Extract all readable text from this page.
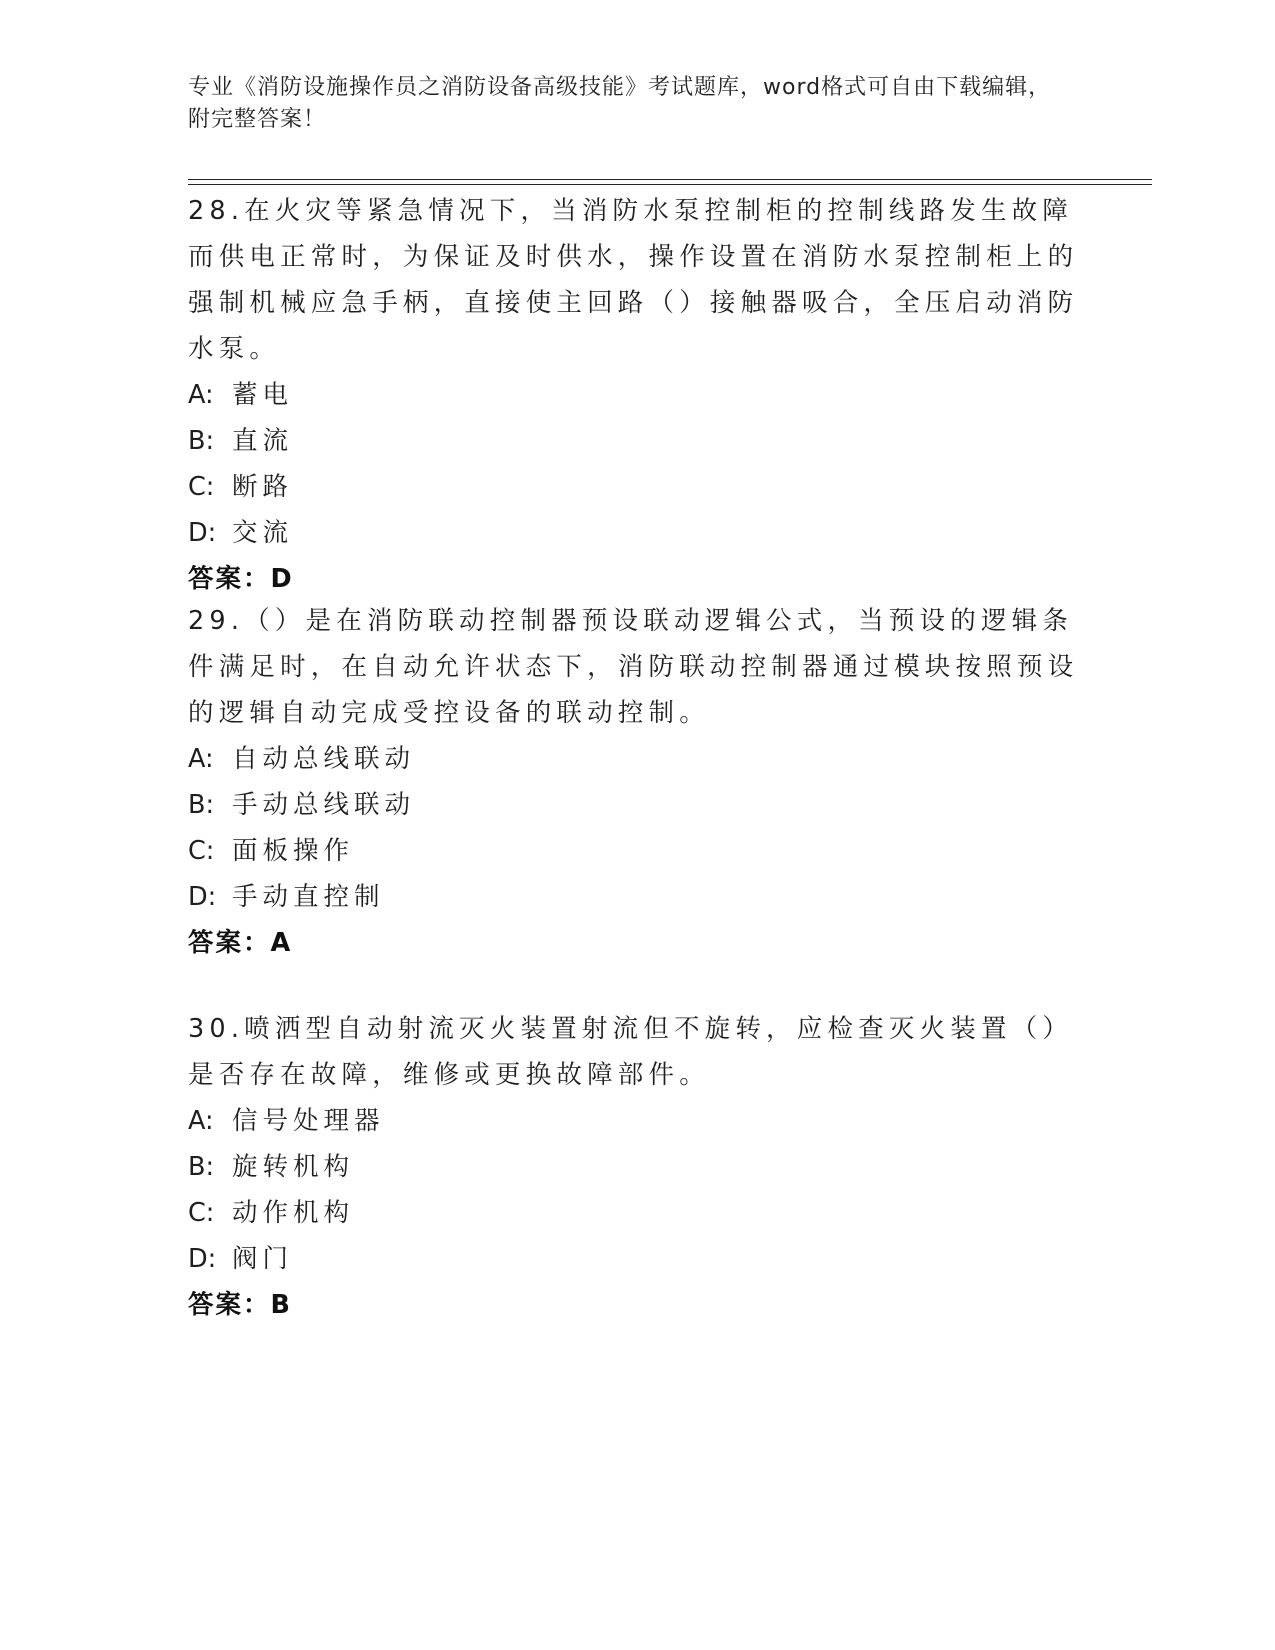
专业《消防设施操作员之消防设备高级技能》考试题库，word格式可自由下载编辑，附完整答案！

28.在火灾等紧急情况下，当消防水泵控制柜的控制线路发生故障而供电正常时，为保证及时供水，操作设置在消防水泵控制柜上的强制机械应急手柄，直接使主回路（）接触器吸合，全压启动消防水泵。

A: 蓄电

B: 直流

C: 断路

D: 交流

答案：D

29.（）是在消防联动控制器预设联动逻辑公式，当预设的逻辑条件满足时，在自动允许状态下，消防联动控制器通过模块按照预设的逻辑自动完成受控设备的联动控制。

A: 自动总线联动

B: 手动总线联动

C: 面板操作

D: 手动直控制

答案：A

30.喷洒型自动射流灭火装置射流但不旋转，应检查灭火装置（）是否存在故障，维修或更换故障部件。

A: 信号处理器

B: 旋转机构

C: 动作机构

D: 阀门

答案：B
